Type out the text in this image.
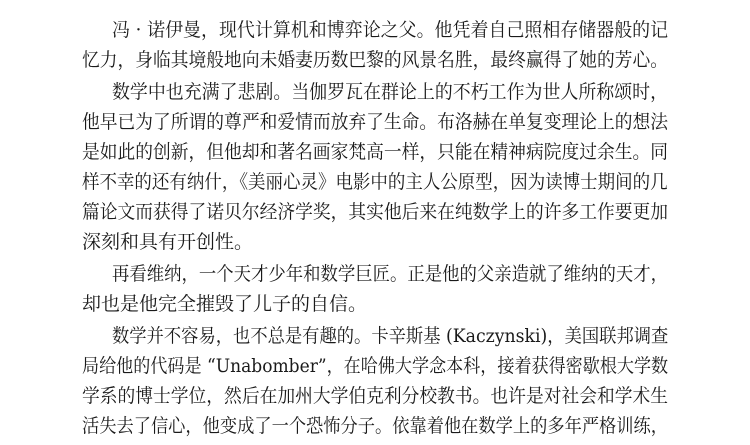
冯 · 诺伊曼，现代计算机和博弈论之父。他凭着自己照相存储器般的记
忆力，身临其境般地向未婚妻历数巴黎的风景名胜，最终赢得了她的芳心。
数学中也充满了悲剧。当伽罗瓦在群论上的不朽工作为世人所称颂时，
他早已为了所谓的尊严和爱情而放弃了生命。布洛赫在单复变理论上的想法
是如此的创新，但他却和著名画家梵高一样，只能在精神病院度过余生。同
样不幸的还有纳什，《美丽心灵》电影中的主人公原型，因为读博士期间的几
篇论文而获得了诺贝尔经济学奖，其实他后来在纯数学上的许多工作要更加
深刻和具有开创性。
再看维纳，一个天才少年和数学巨匠。正是他的父亲造就了维纳的天才，
却也是他完全摧毁了儿子的自信。
数学并不容易，也不总是有趣的。卡辛斯基 (Kaczynski)，美国联邦调查
局给他的代码是 “Unabomber”，在哈佛大学念本科，接着获得密歇根大学数
学系的博士学位，然后在加州大学伯克利分校教书。也许是对社会和学术生
活失去了信心，他变成了一个恐怖分子。依靠着他在数学上的多年严格训练，
